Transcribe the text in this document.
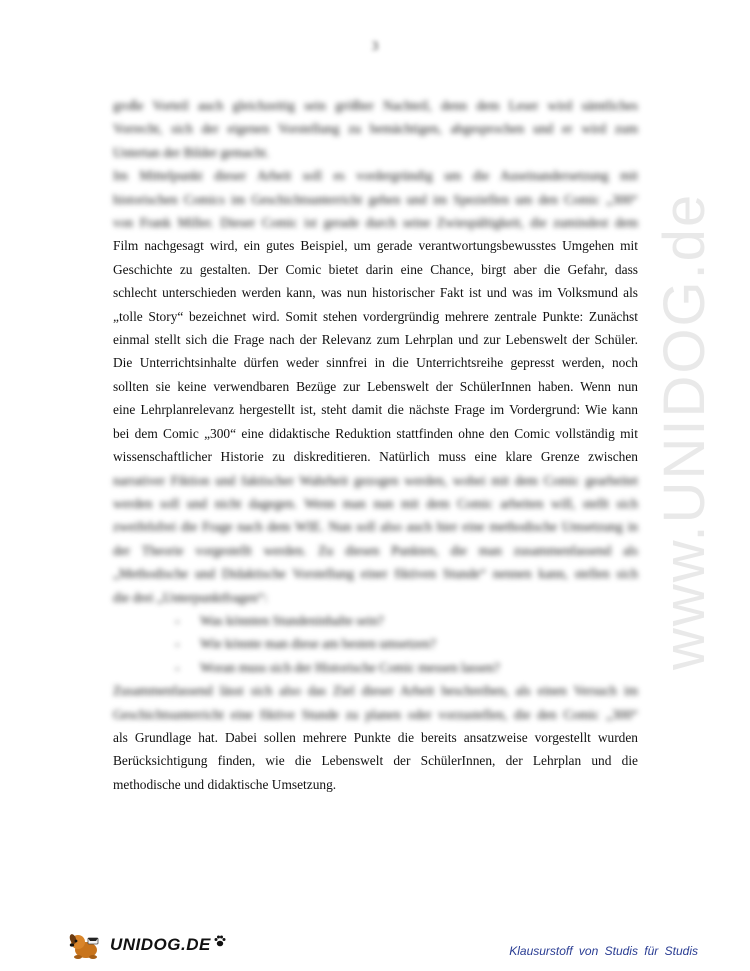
3
große Vorteil auch gleichzeitig sein größter Nachteil, denn dem Leser wird sämtliches
Vorrecht, sich der eigenen Vorstellung zu bemächtigen, abgesprochen und er wird zum
Untertan der Bilder gemacht.
Im Mittelpunkt dieser Arbeit soll es vordergründig um die Auseinandersetzung mit
historischen Comics im Geschichtsunterricht gehen und im Speziellen um den Comic „300“
von Frank Miller. Dieser Comic ist gerade durch seine Zwiespältigkeit, die zumindest dem
Film nachgesagt wird, ein gutes Beispiel, um gerade verantwortungsbewusstes Umgehen mit
Geschichte zu gestalten. Der Comic bietet darin eine Chance, birgt aber die Gefahr, dass
schlecht unterschieden werden kann, was nun historischer Fakt ist und was im Volksmund als
„tolle Story“ bezeichnet wird. Somit stehen vordergründig mehrere zentrale Punkte: Zunächst
einmal stellt sich die Frage nach der Relevanz zum Lehrplan und zur Lebenswelt der Schüler.
Die Unterrichtsinhalte dürfen weder sinnfrei in die Unterrichtsreihe gepresst werden, noch
sollten sie keine verwendbaren Bezüge zur Lebenswelt der SchülerInnen haben. Wenn nun
eine Lehrplanrelevanz hergestellt ist, steht damit die nächste Frage im Vordergrund: Wie kann
bei dem Comic „300“ eine didaktische Reduktion stattfinden ohne den Comic vollständig mit
wissenschaftlicher Historie zu diskreditieren. Natürlich muss eine klare Grenze zwischen
narrativer Fiktion und faktischer Wahrheit gezogen werden, wobei mit dem Comic gearbeitet
werden soll und nicht dagegen. Wenn man nun mit dem Comic arbeiten will, stellt sich
zweifelsfrei die Frage nach dem WIE. Nun soll also auch hier eine methodische Umsetzung in
der Theorie vorgestellt werden. Zu diesen Punkten, die man zusammenfassend als
„Methodische und Didaktische Vorstellung einer fiktiven Stunde“ nennen kann, stellen sich
die drei „Unterpunktfragen“:
- Was könnten Stundeninhalte sein?
- Wie könnte man diese am besten umsetzen?
- Woran muss sich der Historische Comic messen lassen?
Zusammenfassend lässt sich also das Ziel dieser Arbeit beschreiben, als einen Versuch im
Geschichtsunterricht eine fiktive Stunde zu planen oder vorzustellen, die den Comic „300“
als Grundlage hat. Dabei sollen mehrere Punkte die bereits ansatzweise vorgestellt wurden
Berücksichtigung finden, wie die Lebenswelt der SchülerInnen, der Lehrplan und die
methodische und didaktische Umsetzung.
www.UNIDOG.de
UNIDOG.DE	Klausurstoff von Studis für Studis
